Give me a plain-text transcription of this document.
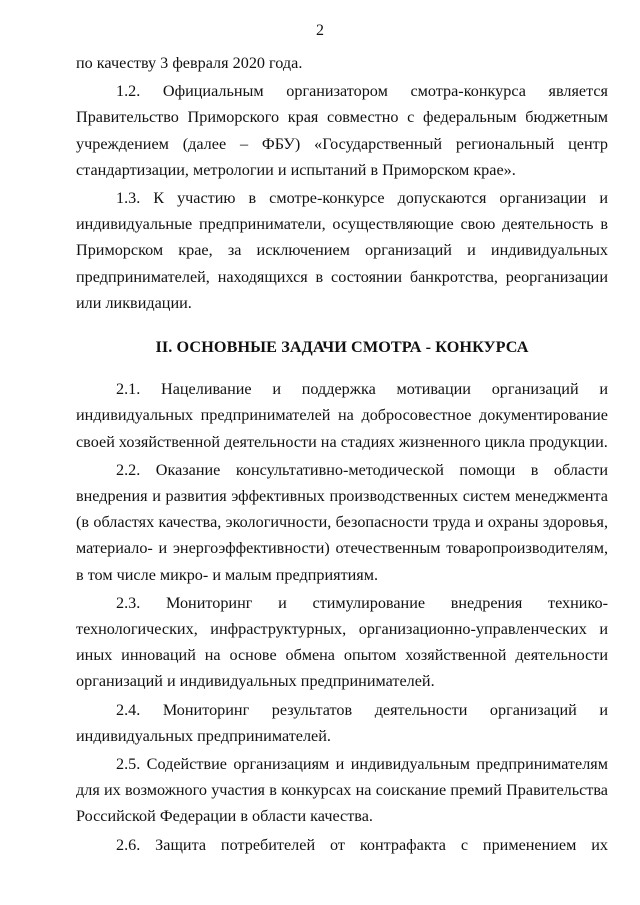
2

по качеству 3 февраля 2020 года.

1.2. Официальным организатором смотра-конкурса является Правительство Приморского края совместно с федеральным бюджетным учреждением (далее – ФБУ) «Государственный региональный центр стандартизации, метрологии и испытаний в Приморском крае».

1.3. К участию в смотре-конкурсе допускаются организации и индивидуальные предприниматели, осуществляющие свою деятельность в Приморском крае, за исключением организаций и индивидуальных предпринимателей, находящихся в состоянии банкротства, реорганизации или ликвидации.

II. ОСНОВНЫЕ ЗАДАЧИ СМОТРА - КОНКУРСА

2.1. Нацеливание и поддержка мотивации организаций и индивидуальных предпринимателей на добросовестное документирование своей хозяйственной деятельности на стадиях жизненного цикла продукции.

2.2. Оказание консультативно-методической помощи в области внедрения и развития эффективных производственных систем менеджмента (в областях качества, экологичности, безопасности труда и охраны здоровья, материало- и энергоэффективности) отечественным товаропроизводителям, в том числе микро- и малым предприятиям.

2.3. Мониторинг и стимулирование внедрения технико-технологических, инфраструктурных, организационно-управленческих и иных инноваций на основе обмена опытом хозяйственной деятельности организаций и индивидуальных предпринимателей.

2.4. Мониторинг результатов деятельности организаций и индивидуальных предпринимателей.

2.5. Содействие организациям и индивидуальным предпринимателям для их возможного участия в конкурсах на соискание премий Правительства Российской Федерации в области качества.

2.6. Защита потребителей от контрафакта с применением их
